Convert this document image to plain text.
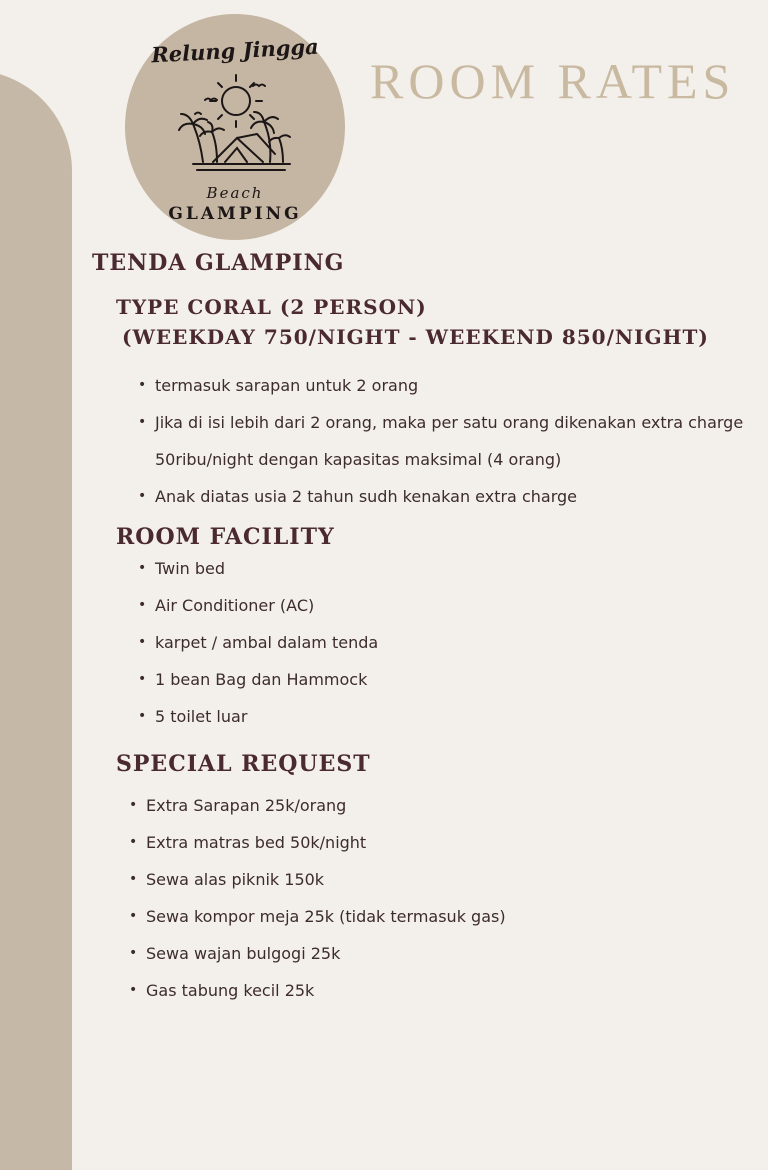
Relung Jingga
Beach
GLAMPING
ROOM RATES
TENDA GLAMPING
TYPE CORAL (2 PERSON)
(WEEKDAY 750/NIGHT - WEEKEND 850/NIGHT)
• termasuk sarapan untuk 2 orang
• Jika di isi lebih dari 2 orang, maka per satu orang dikenakan extra charge 50ribu/night dengan kapasitas maksimal (4 orang)
• Anak diatas usia 2 tahun sudh kenakan extra charge
ROOM FACILITY
• Twin bed
• Air Conditioner (AC)
• karpet / ambal dalam tenda
• 1 bean Bag dan Hammock
• 5 toilet luar
SPECIAL REQUEST
• Extra Sarapan 25k/orang
• Extra matras bed 50k/night
• Sewa alas piknik 150k
• Sewa kompor meja 25k (tidak termasuk gas)
• Sewa wajan bulgogi 25k
• Gas tabung kecil 25k
